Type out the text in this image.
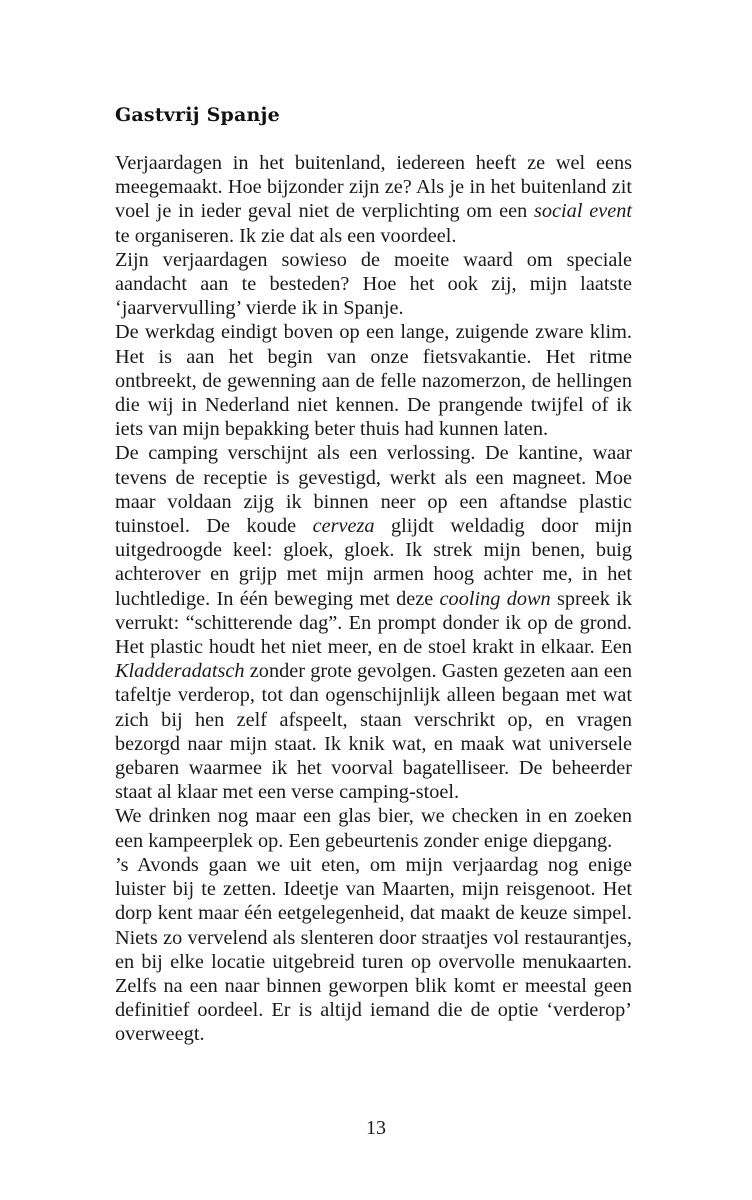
Gastvrij Spanje

Verjaardagen in het buitenland, iedereen heeft ze wel eens meegemaakt. Hoe bijzonder zijn ze? Als je in het buitenland zit voel je in ieder geval niet de verplichting om een social event te organiseren. Ik zie dat als een voordeel.

Zijn verjaardagen sowieso de moeite waard om speciale aandacht aan te besteden? Hoe het ook zij, mijn laatste ‘jaarvervulling’ vierde ik in Spanje.

De werkdag eindigt boven op een lange, zuigende zware klim. Het is aan het begin van onze fietsvakantie. Het ritme ontbreekt, de gewenning aan de felle nazomerzon, de hellingen die wij in Nederland niet kennen. De prangende twijfel of ik iets van mijn bepakking beter thuis had kunnen laten.

De camping verschijnt als een verlossing. De kantine, waar tevens de receptie is gevestigd, werkt als een magneet. Moe maar voldaan zijg ik binnen neer op een aftandse plastic tuinstoel. De koude cerveza glijdt weldadig door mijn uitgedroogde keel: gloek, gloek. Ik strek mijn benen, buig achterover en grijp met mijn armen hoog achter me, in het luchtledige. In één beweging met deze cooling down spreek ik verrukt: “schitterende dag”. En prompt donder ik op de grond. Het plastic houdt het niet meer, en de stoel krakt in elkaar. Een Kladderadatsch zonder grote gevolgen. Gasten gezeten aan een tafeltje verderop, tot dan ogenschijnlijk alleen begaan met wat zich bij hen zelf afspeelt, staan verschrikt op, en vragen bezorgd naar mijn staat. Ik knik wat, en maak wat universele gebaren waarmee ik het voorval bagatelliseer. De beheerder staat al klaar met een verse camping-stoel.

We drinken nog maar een glas bier, we checken in en zoeken een kampeerplek op. Een gebeurtenis zonder enige diepgang.

’s Avonds gaan we uit eten, om mijn verjaardag nog enige luister bij te zetten. Ideetje van Maarten, mijn reisgenoot. Het dorp kent maar één eetgelegenheid, dat maakt de keuze simpel. Niets zo vervelend als slenteren door straatjes vol restaurantjes, en bij elke locatie uitgebreid turen op overvolle menukaarten. Zelfs na een naar binnen geworpen blik komt er meestal geen definitief oordeel. Er is altijd iemand die de optie ‘verderop’ overweegt.

13
